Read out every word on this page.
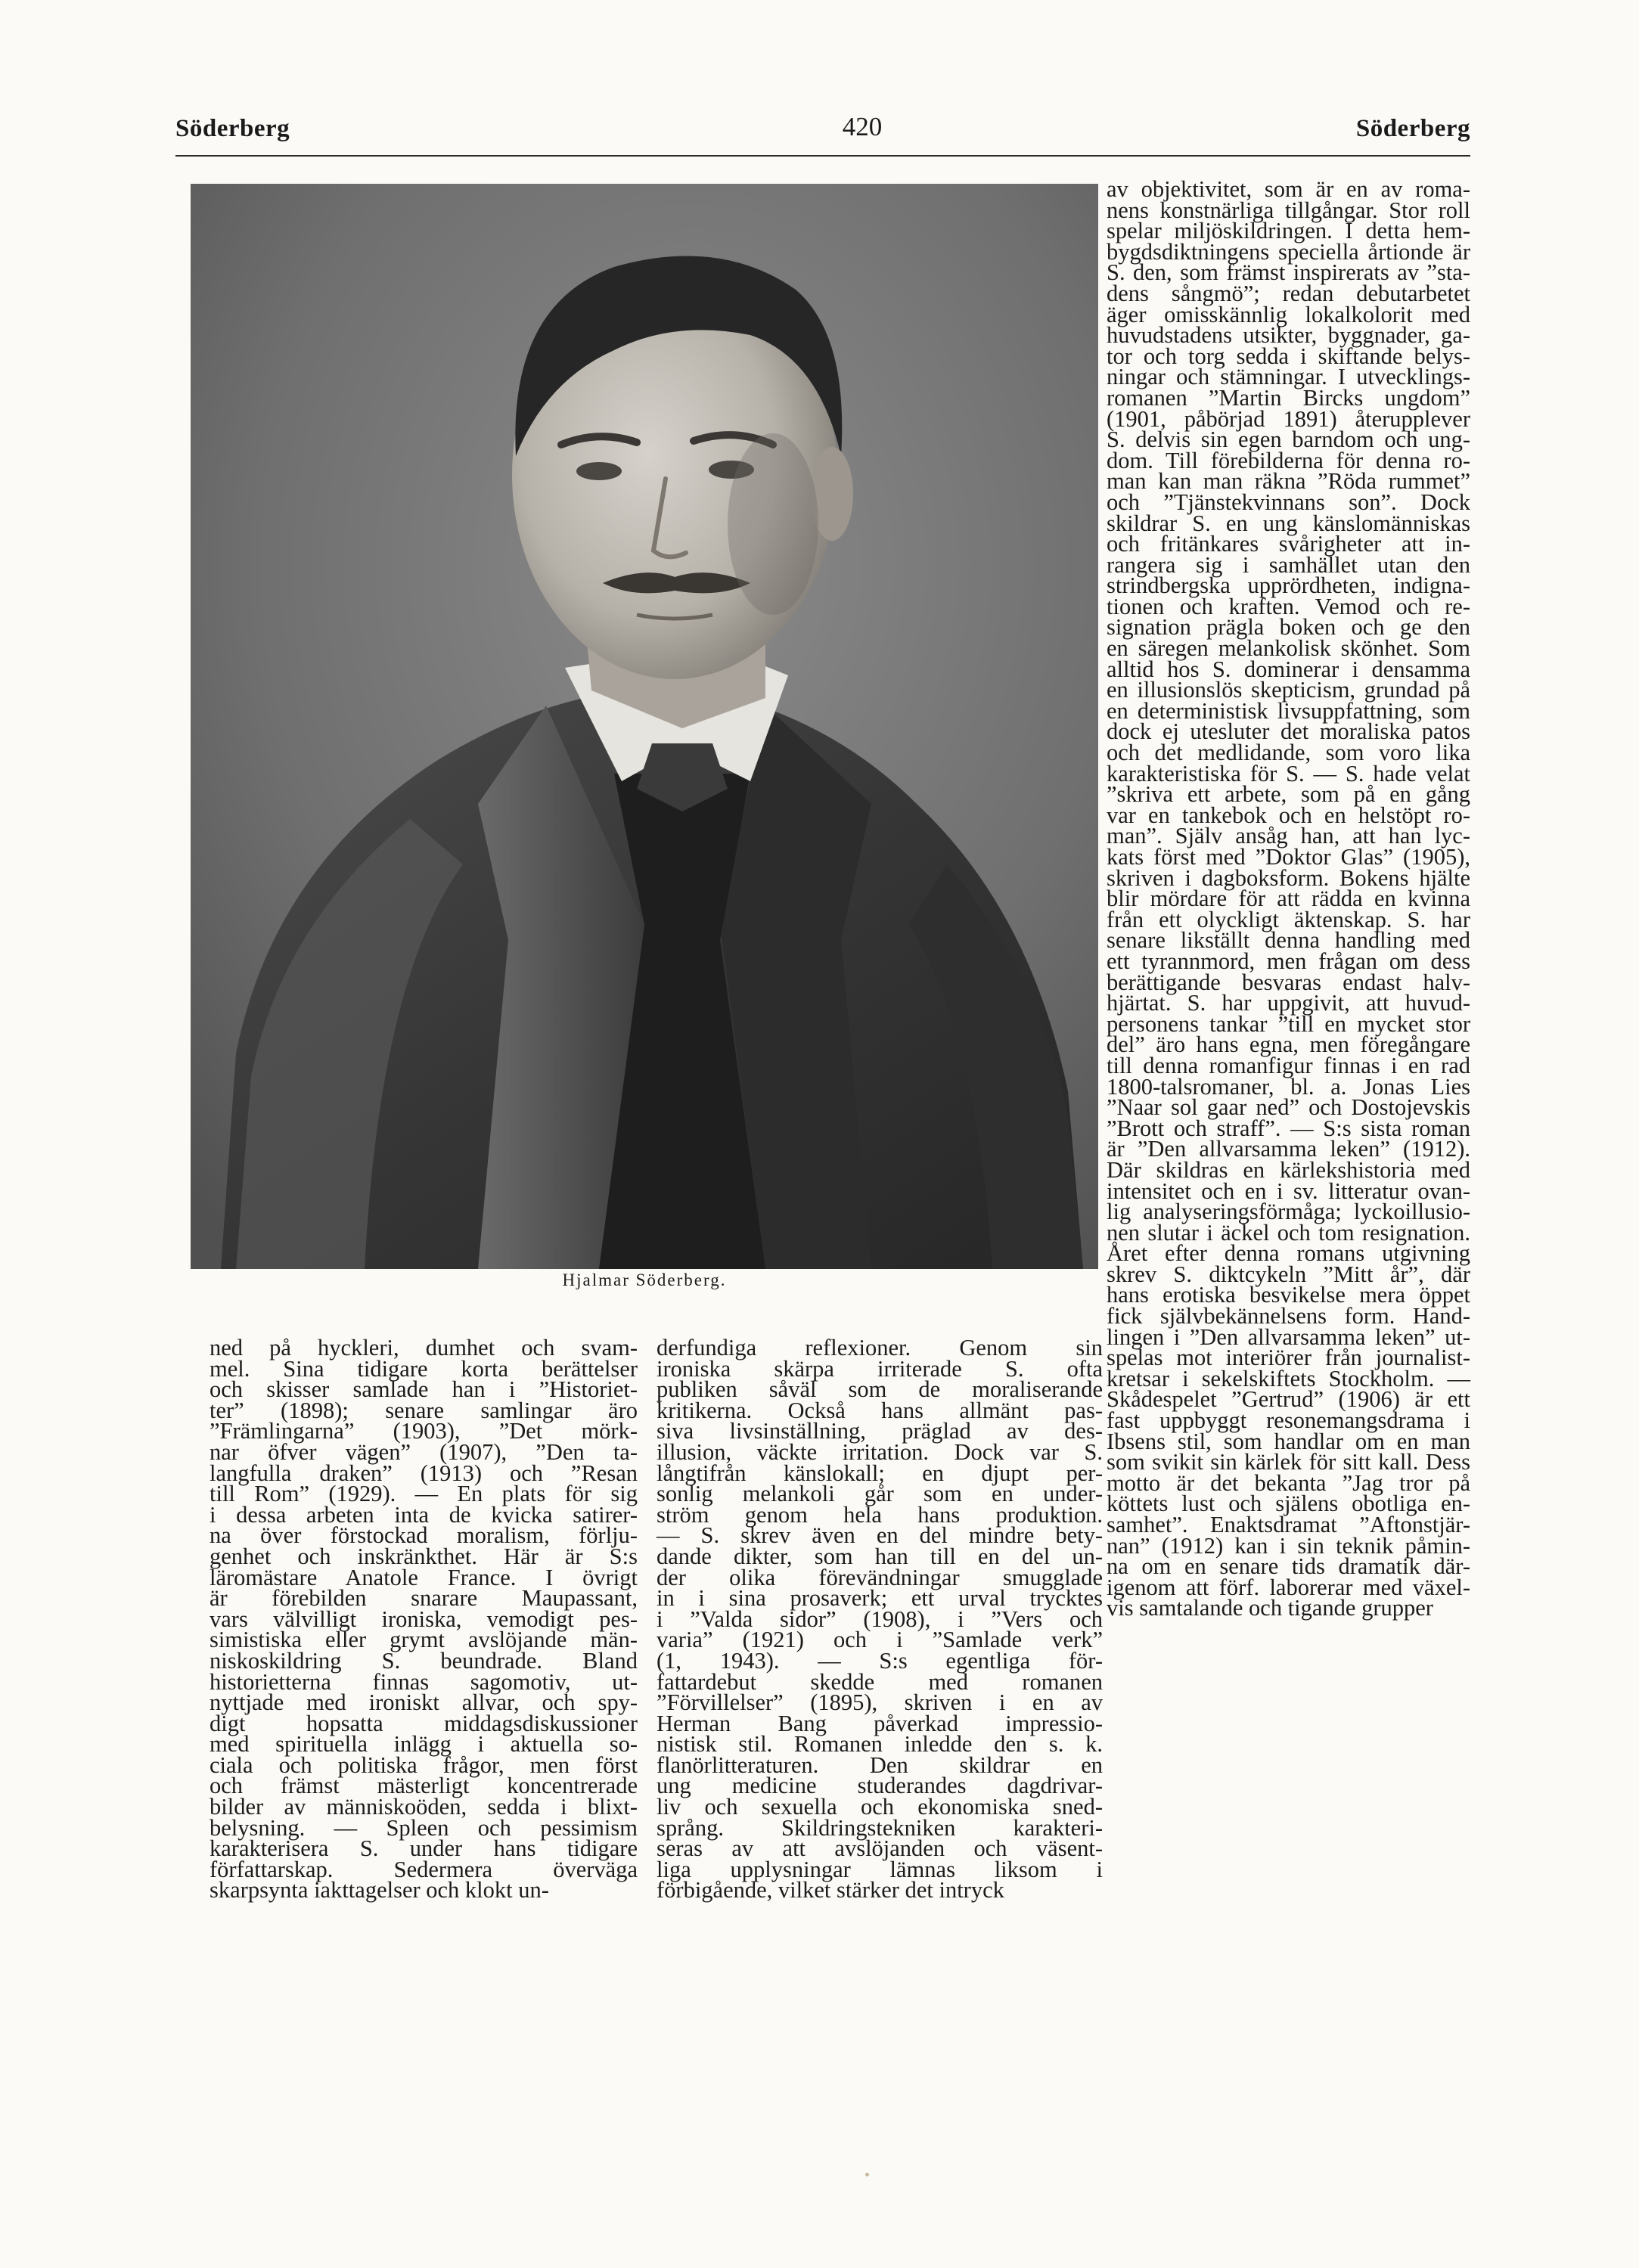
Söderberg	420	Söderberg
Hjalmar Söderberg.
av objektivitet, som är en av roma-
nens konstnärliga tillgångar. Stor roll
spelar miljöskildringen. I detta hem-
bygdsdiktningens speciella årtionde är
S. den, som främst inspirerats av ”sta-
dens sångmö”; redan debutarbetet
äger omisskännlig lokalkolorit med
huvudstadens utsikter, byggnader, ga-
tor och torg sedda i skiftande belys-
ningar och stämningar. I utvecklings-
romanen ”Martin Bircks ungdom”
(1901, påbörjad 1891) återupplever
S. delvis sin egen barndom och ung-
dom. Till förebilderna för denna ro-
man kan man räkna ”Röda rummet”
och ”Tjänstekvinnans son”. Dock
skildrar S. en ung känslomänniskas
och fritänkares svårigheter att in-
rangera sig i samhället utan den
strindbergska upprördheten, indigna-
tionen och kraften. Vemod och re-
signation prägla boken och ge den
en säregen melankolisk skönhet. Som
alltid hos S. dominerar i densamma
en illusionslös skepticism, grundad på
en deterministisk livsuppfattning, som
dock ej utesluter det moraliska patos
och det medlidande, som voro lika
karakteristiska för S. — S. hade velat
”skriva ett arbete, som på en gång
var en tankebok och en helstöpt ro-
man”. Själv ansåg han, att han lyc-
kats först med ”Doktor Glas” (1905),
skriven i dagboksform. Bokens hjälte
blir mördare för att rädda en kvinna
från ett olyckligt äktenskap. S. har
senare likställt denna handling med
ett tyrannmord, men frågan om dess
berättigande besvaras endast halv-
hjärtat. S. har uppgivit, att huvud-
personens tankar ”till en mycket stor
del” äro hans egna, men föregångare
till denna romanfigur finnas i en rad
1800-talsromaner, bl. a. Jonas Lies
”Naar sol gaar ned” och Dostojevskis
”Brott och straff”. — S:s sista roman
är ”Den allvarsamma leken” (1912).
Där skildras en kärlekshistoria med
intensitet och en i sv. litteratur ovan-
lig analyseringsförmåga; lyckoillusio-
nen slutar i äckel och tom resignation.
Året efter denna romans utgivning
skrev S. diktcykeln ”Mitt år”, där
hans erotiska besvikelse mera öppet
fick självbekännelsens form. Hand-
lingen i ”Den allvarsamma leken” ut-
spelas mot interiörer från journalist-
kretsar i sekelskiftets Stockholm. —
Skådespelet ”Gertrud” (1906) är ett
fast uppbyggt resonemangsdrama i
Ibsens stil, som handlar om en man
som svikit sin kärlek för sitt kall. Dess
motto är det bekanta ”Jag tror på
köttets lust och själens obotliga en-
samhet”. Enaktsdramat ”Aftonstjär-
nan” (1912) kan i sin teknik påmin-
na om en senare tids dramatik där-
igenom att förf. laborerar med växel-
vis samtalande och tigande grupper
ned på hyckleri, dumhet och svam-
mel. Sina tidigare korta berättelser
och skisser samlade han i ”Historiet-
ter” (1898); senare samlingar äro
”Främlingarna” (1903), ”Det mörk-
nar öfver vägen” (1907), ”Den ta-
langfulla draken” (1913) och ”Resan
till Rom” (1929). — En plats för sig
i dessa arbeten inta de kvicka satirer-
na över förstockad moralism, förlju-
genhet och inskränkthet. Här är S:s
läromästare Anatole France. I övrigt
är förebilden snarare Maupassant,
vars välvilligt ironiska, vemodigt pes-
simistiska eller grymt avslöjande män-
niskoskildring S. beundrade. Bland
historietterna finnas sagomotiv, ut-
nyttjade med ironiskt allvar, och spy-
digt hopsatta middagsdiskussioner
med spirituella inlägg i aktuella so-
ciala och politiska frågor, men först
och främst mästerligt koncentrerade
bilder av människoöden, sedda i blixt-
belysning. — Spleen och pessimism
karakterisera S. under hans tidigare
författarskap. Sedermera överväga
skarpsynta iakttagelser och klokt un-
derfundiga reflexioner. Genom sin
ironiska skärpa irriterade S. ofta
publiken såväl som de moraliserande
kritikerna. Också hans allmänt pas-
siva livsinställning, präglad av des-
illusion, väckte irritation. Dock var S.
långtifrån känslokall; en djupt per-
sonlig melankoli går som en under-
ström genom hela hans produktion.
— S. skrev även en del mindre bety-
dande dikter, som han till en del un-
der olika förevändningar smugglade
in i sina prosaverk; ett urval trycktes
i ”Valda sidor” (1908), i ”Vers och
varia” (1921) och i ”Samlade verk”
(1, 1943). — S:s egentliga för-
fattardebut skedde med romanen
”Förvillelser” (1895), skriven i en av
Herman Bang påverkad impressio-
nistisk stil. Romanen inledde den s. k.
flanörlitteraturen. Den skildrar en
ung medicine studerandes dagdrivar-
liv och sexuella och ekonomiska sned-
språng. Skildringstekniken karakteri-
seras av att avslöjanden och väsent-
liga upplysningar lämnas liksom i
förbigående, vilket stärker det intryck
